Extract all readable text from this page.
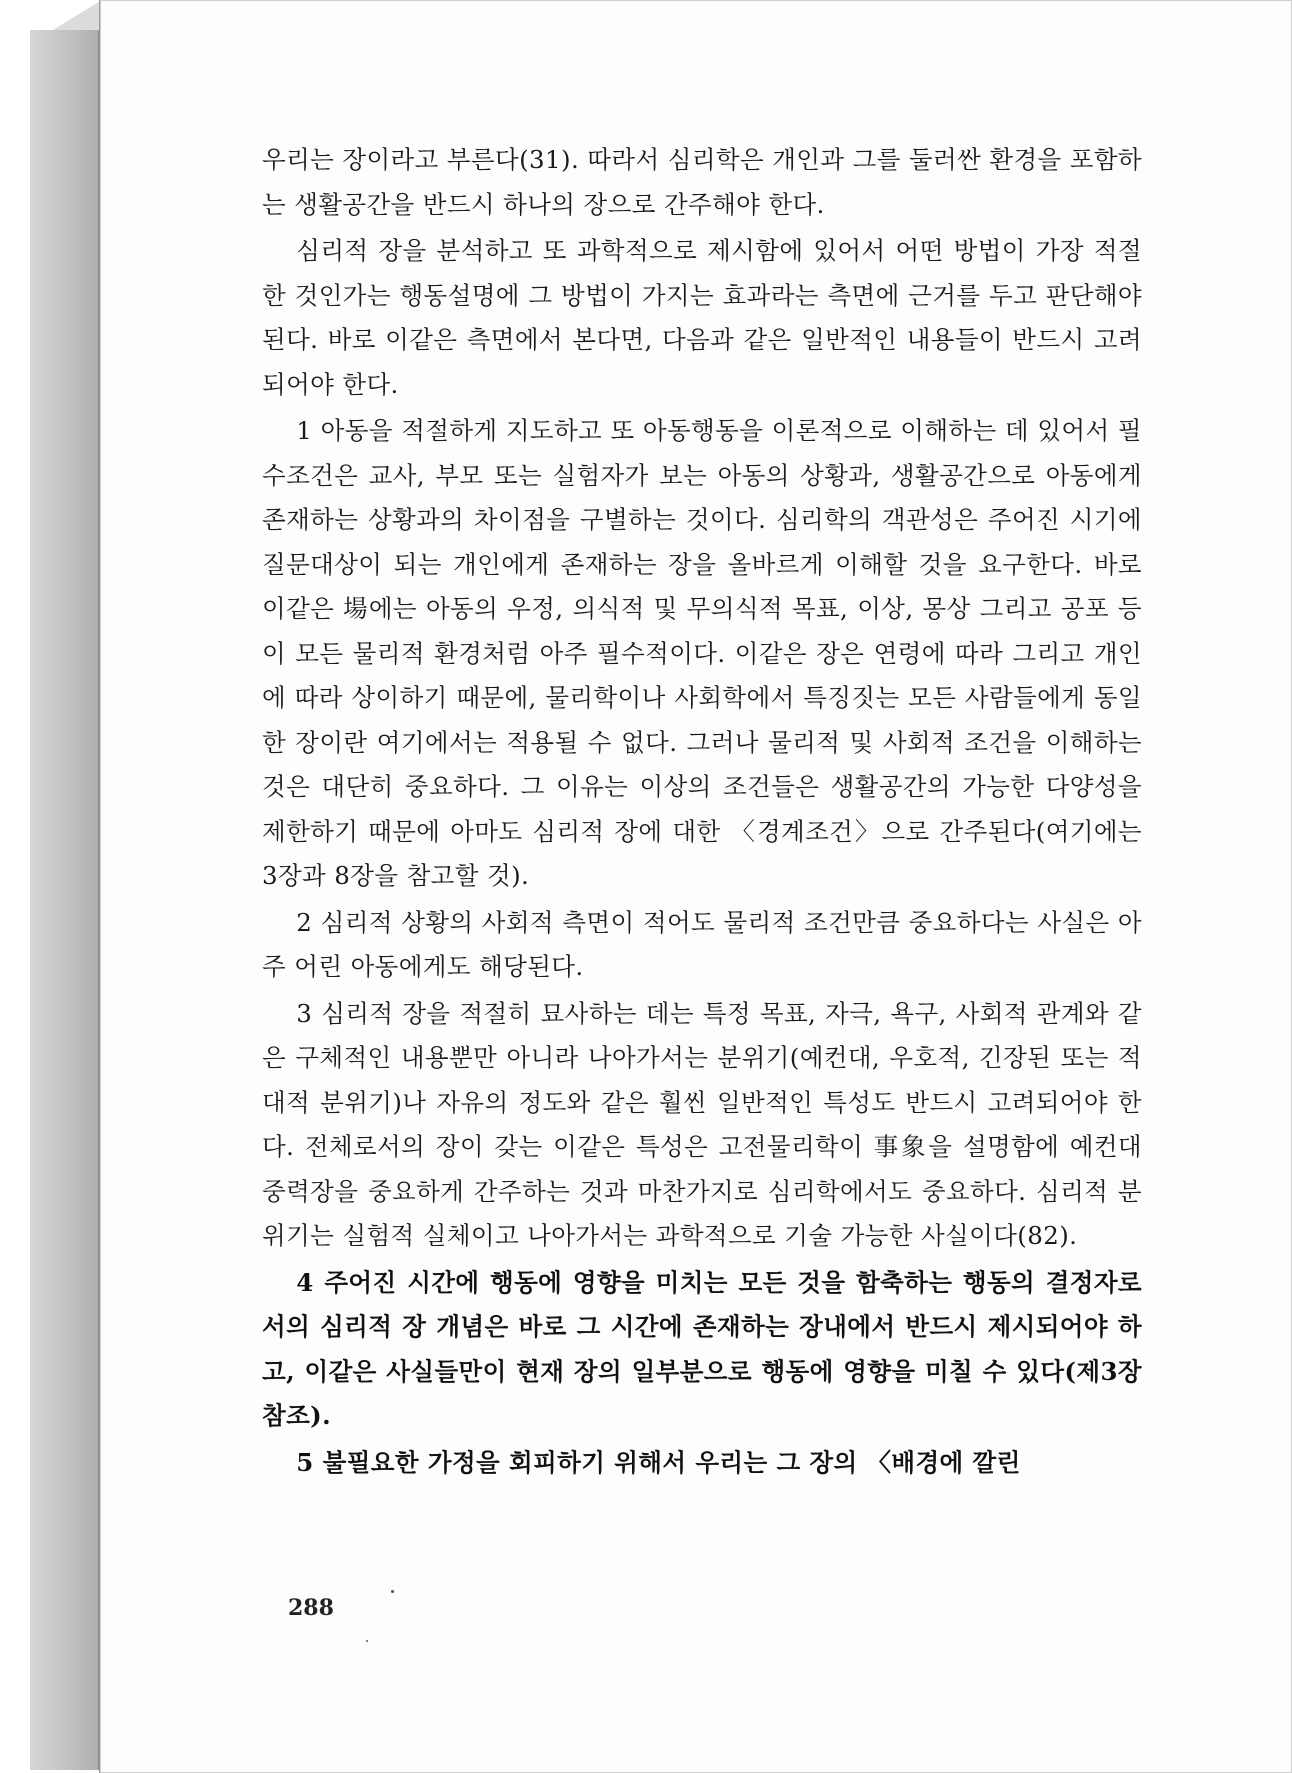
우리는 장이라고 부른다(31). 따라서 심리학은 개인과 그를 둘러싼 환경을 포함하는 생활공간을 반드시 하나의 장으로 간주해야 한다.

심리적 장을 분석하고 또 과학적으로 제시함에 있어서 어떤 방법이 가장 적절한 것인가는 행동설명에 그 방법이 가지는 효과라는 측면에 근거를 두고 판단해야 된다. 바로 이같은 측면에서 본다면, 다음과 같은 일반적인 내용들이 반드시 고려되어야 한다.

1 아동을 적절하게 지도하고 또 아동행동을 이론적으로 이해하는 데 있어서 필수조건은 교사, 부모 또는 실험자가 보는 아동의 상황과, 생활공간으로 아동에게 존재하는 상황과의 차이점을 구별하는 것이다. 심리학의 객관성은 주어진 시기에 질문대상이 되는 개인에게 존재하는 장을 올바르게 이해할 것을 요구한다. 바로 이같은 場에는 아동의 우정, 의식적 및 무의식적 목표, 이상, 몽상 그리고 공포 등이 모든 물리적 환경처럼 아주 필수적이다. 이같은 장은 연령에 따라 그리고 개인에 따라 상이하기 때문에, 물리학이나 사회학에서 특징짓는 모든 사람들에게 동일한 장이란 여기에서는 적용될 수 없다. 그러나 물리적 및 사회적 조건을 이해하는 것은 대단히 중요하다. 그 이유는 이상의 조건들은 생활공간의 가능한 다양성을 제한하기 때문에 아마도 심리적 장에 대한 〈경계조건〉으로 간주된다(여기에는 3장과 8장을 참고할 것).

2 심리적 상황의 사회적 측면이 적어도 물리적 조건만큼 중요하다는 사실은 아주 어린 아동에게도 해당된다.

3 심리적 장을 적절히 묘사하는 데는 특정 목표, 자극, 욕구, 사회적 관계와 같은 구체적인 내용뿐만 아니라 나아가서는 분위기(예컨대, 우호적, 긴장된 또는 적대적 분위기)나 자유의 정도와 같은 훨씬 일반적인 특성도 반드시 고려되어야 한다. 전체로서의 장이 갖는 이같은 특성은 고전물리학이 事象을 설명함에 예컨대 중력장을 중요하게 간주하는 것과 마찬가지로 심리학에서도 중요하다. 심리적 분위기는 실험적 실체이고 나아가서는 과학적으로 기술 가능한 사실이다(82).

4 주어진 시간에 행동에 영향을 미치는 모든 것을 함축하는 행동의 결정자로서의 심리적 장 개념은 바로 그 시간에 존재하는 장내에서 반드시 제시되어야 하고, 이같은 사실들만이 현재 장의 일부분으로 행동에 영향을 미칠 수 있다(제3장 참조).

5 불필요한 가정을 회피하기 위해서 우리는 그 장의 〈배경에 깔린

288
